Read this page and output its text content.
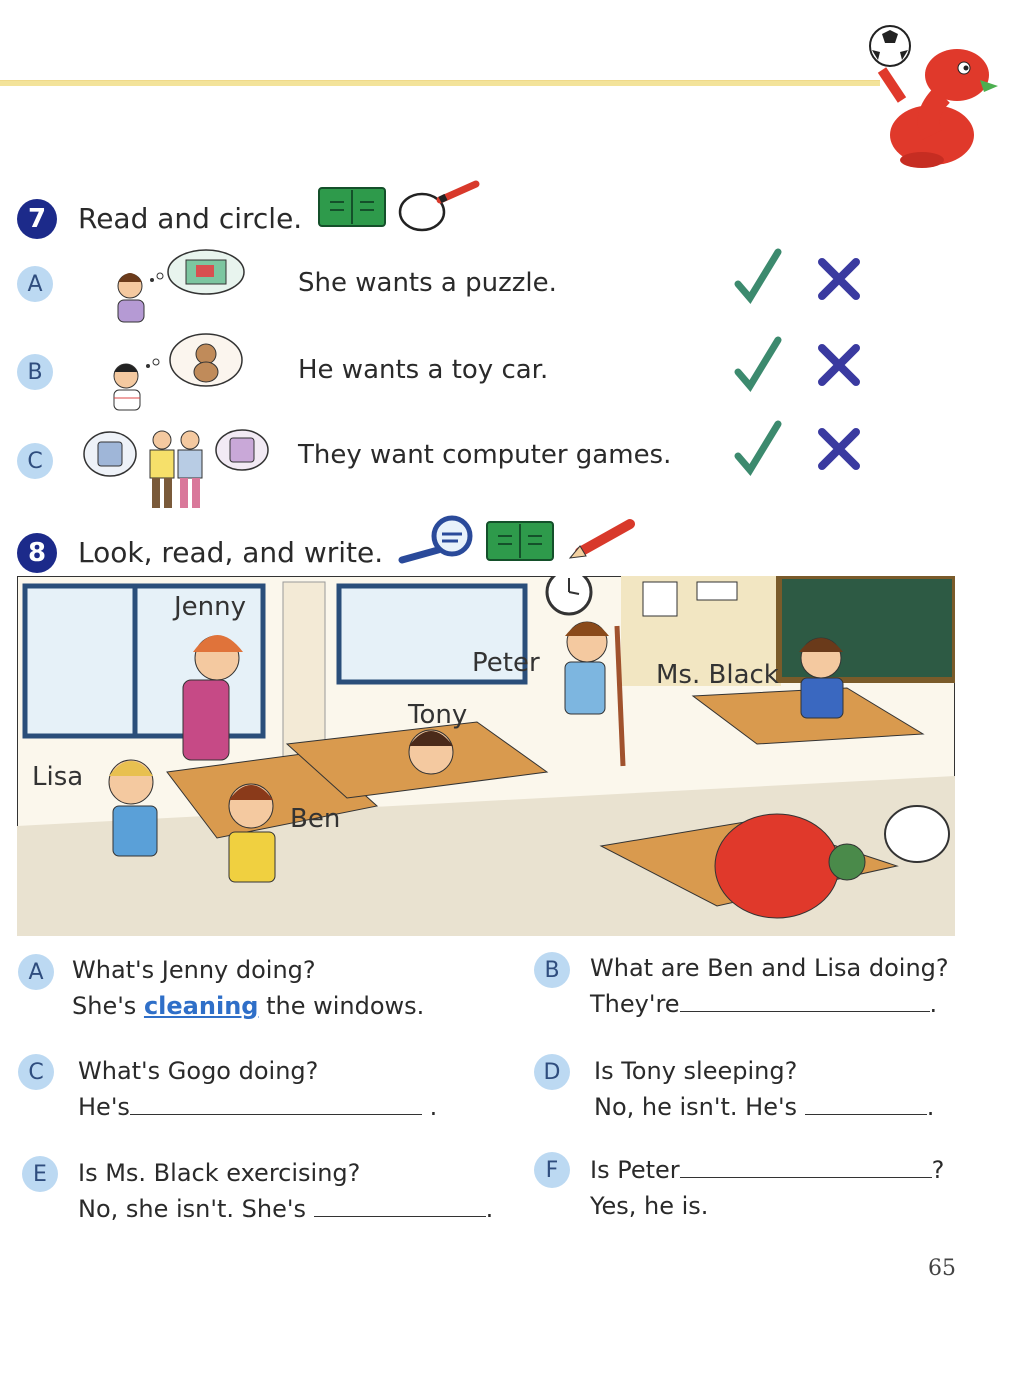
7	Read and circle.
A	She wants a puzzle.
B	He wants a toy car.
C	They want computer games.
8	Look, read, and write.
Jenny
Peter	Ms. Black
Tony
Lisa
Ben
A	What's Jenny doing?
She's cleaning the windows.
B	What are Ben and Lisa doing?
They're	.
C	What's Gogo doing?
He's	.
D	Is Tony sleeping?
No, he isn't. He's	.
E	Is Ms. Black exercising?
No, she isn't. She's	.
F	Is Peter	?
Yes, he is.
65
